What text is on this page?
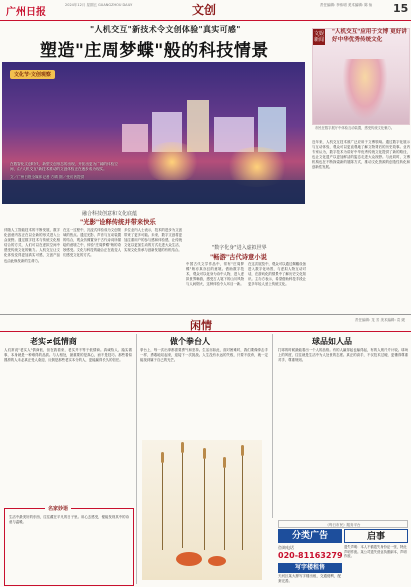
广州日报
2024年12月 星期五 GUANGZHOU DAILY	文创	责任编辑: 李伟明 美术编辑: 陈 仙 15
"人机交互"新技术令文创体验"真实可感"
塑造"庄周梦蝶"般的科技情景
文化节·文创观察
在数智化文创时代，新型文创形态的出现，开拓出更为广阔的体验空间，由"人机交互"新技术推动的文创体验正在逐步成为现实。
文／广州日报全媒体记者 方晴 图／受访者提供
融合科技创意和文化底蕴
"光影"诠释传统并带来快乐
伴随人工智能技术的不断发展，数字化创意内容正在以全新的形式进入公众视野。通过数字技术与传统文化相结合的方式，人们可以在虚拟空间中感受传统文化的魅力。人机交互让文化体验变得更加真实可感，文创产品也由此焕发新的生命力。
在这一过程中，沉浸式体验成为文创领域的热点。通过光影、声音与互动装置的结合，观众仿佛置身于古代诗词所描绘的意境之中，体验"庄周梦蝶"般的奇妙感受。文化与科技的融合正在改变人们感受文化的方式。
多位业内人士表示，技术的进步为文创带来了更多可能。未来，数字文创将更加注重用户的参与感和体验感，让传统文化以更加生动的方式走进大众生活，实现文化传承与创新发展的有机结合。	"数字化身"进入虚拟世界
"畅游"古代诗意小说
中国古代文学作品中，常有"庄周梦蝶"般亦真亦幻的意境。借助数字技术，观众可以化身为诗中人物，进入虚拟世界畅游，感受古人笔下的山川风物与人间烟火，这种体验令人耳目一新。
在这次展览中，观众可以通过佩戴设备进入数字化场景，与虚拟人物互动对话，在游戏化的情景中了解历史文化知识。主办方表示，希望借助科技手段让更多年轻人爱上传统文化。
文娱新闻
"人机交互"应用于文博 更好讲好中华优秀传统文化
市民在数字展厅中体验互动装置，感受传统文化魅力。
近年来，人机交互技术被广泛应用于文博领域。通过数字化展示与互动体验，观众可以更直观地了解文物背后的历史故事。业内专家认为，数字技术为讲好中华优秀传统文化提供了新的路径，也让文化遗产以更加鲜活的姿态走进大众视野。与此同时，文博机构也在不断探索新的展陈方式，推动文化资源的创造性转化和创新性发展。
闲情	责任编辑: 龙 芳 美术编辑: 袁 媛
老实≠低情商
人们常说"老实人"情商低，但在我看来，老实并不等于低情商。真诚待人、踏实做事，本身就是一种难得的品质。与人相处，最重要的是真心，而不是技巧。那些看似圆滑的人未必真正受人欢迎，反倒是那些老实本分的人，更能赢得长久的信任。
名家妙语
生活中最美好的东西，往往藏在平凡的日子里。用心去感受，便能发现其中的诗意与温暖。
做个拳台人
拳台上，每一次出拳都需要勇气和坚持。生活亦如此，面对困难时，我们要像拳击手一样，勇敢地站起来，迎接下一次挑战。人生没有永远的失败，只要不放弃，就一定能找到属于自己的光芒。
球品如人品
打球的时候最能看出一个人的品格。有的人赢得起也输得起，有的人则斤斤计较。球场上的风度，往往就是生活中为人处世的态度。真正的高手，不仅技术过硬，更懂得尊重对手、尊重规则。
《每日市民》服务平台
分类广告	启事
咨询电话
020-81163279
写字楼租售
天河区某大厦写字楼出租，交通便利，配套完善。
遗失声明：本人不慎遗失身份证一张，特此声明作废。某公司遗失营业执照副本，声明作废。
